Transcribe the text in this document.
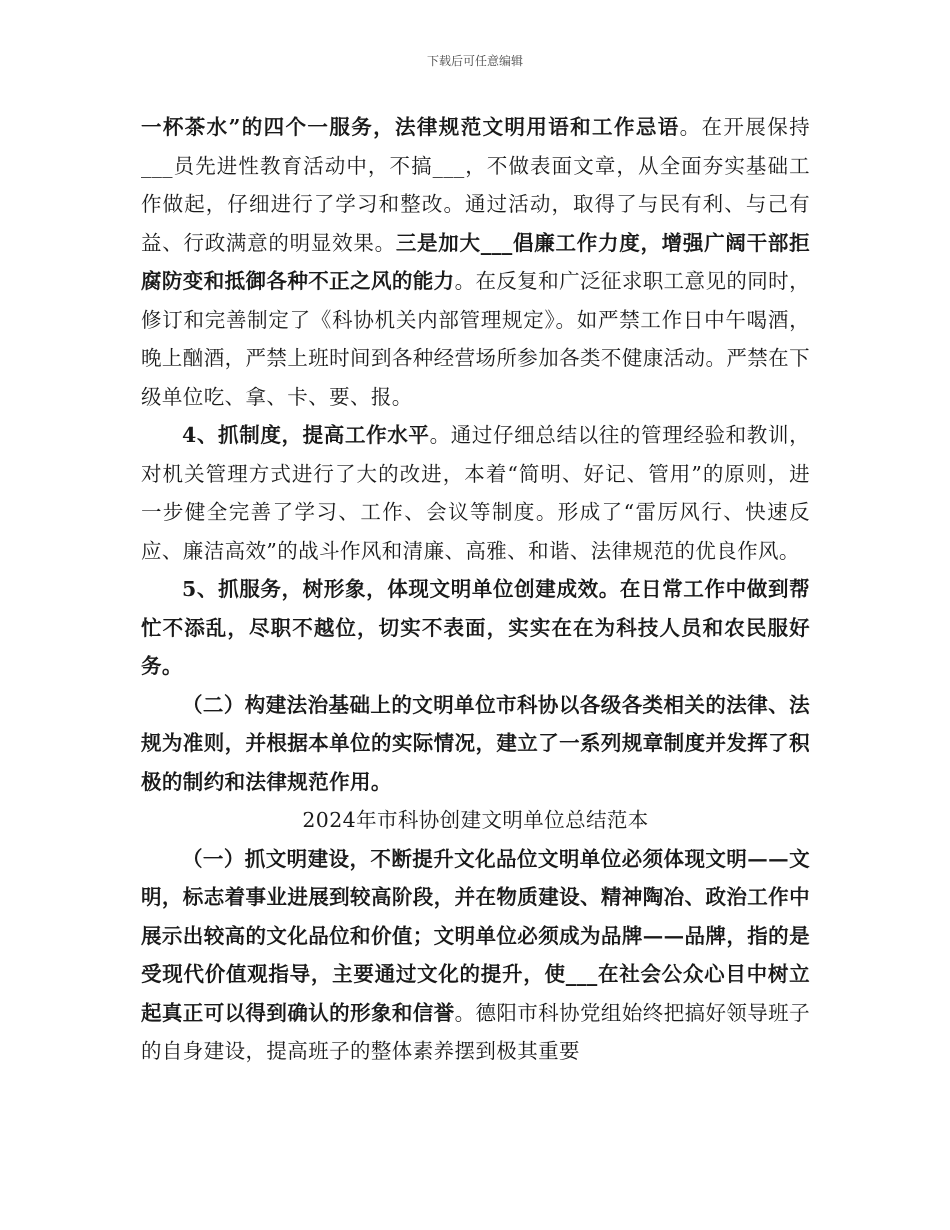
下载后可任意编辑

一杯茶水”的四个一服务，法律规范文明用语和工作忌语。在开展保持___员先进性教育活动中，不搞___，不做表面文章，从全面夯实基础工作做起，仔细进行了学习和整改。通过活动，取得了与民有利、与己有益、行政满意的明显效果。三是加大___倡廉工作力度，增强广阔干部拒腐防变和抵御各种不正之风的能力。在反复和广泛征求职工意见的同时，修订和完善制定了《科协机关内部管理规定》。如严禁工作日中午喝酒，晚上酗酒，严禁上班时间到各种经营场所参加各类不健康活动。严禁在下级单位吃、拿、卡、要、报。

4、抓制度，提高工作水平。通过仔细总结以往的管理经验和教训，对机关管理方式进行了大的改进，本着“简明、好记、管用”的原则，进一步健全完善了学习、工作、会议等制度。形成了“雷厉风行、快速反应、廉洁高效”的战斗作风和清廉、高雅、和谐、法律规范的优良作风。

5、抓服务，树形象，体现文明单位创建成效。在日常工作中做到帮忙不添乱，尽职不越位，切实不表面，实实在在为科技人员和农民服好务。

（二）构建法治基础上的文明单位市科协以各级各类相关的法律、法规为准则，并根据本单位的实际情况，建立了一系列规章制度并发挥了积极的制约和法律规范作用。

2024年市科协创建文明单位总结范本

（一）抓文明建设，不断提升文化品位文明单位必须体现文明——文明，标志着事业进展到较高阶段，并在物质建设、精神陶冶、政治工作中展示出较高的文化品位和价值；文明单位必须成为品牌——品牌，指的是受现代价值观指导，主要通过文化的提升，使___在社会公众心目中树立起真正可以得到确认的形象和信誉。德阳市科协党组始终把搞好领导班子的自身建设，提高班子的整体素养摆到极其重要
